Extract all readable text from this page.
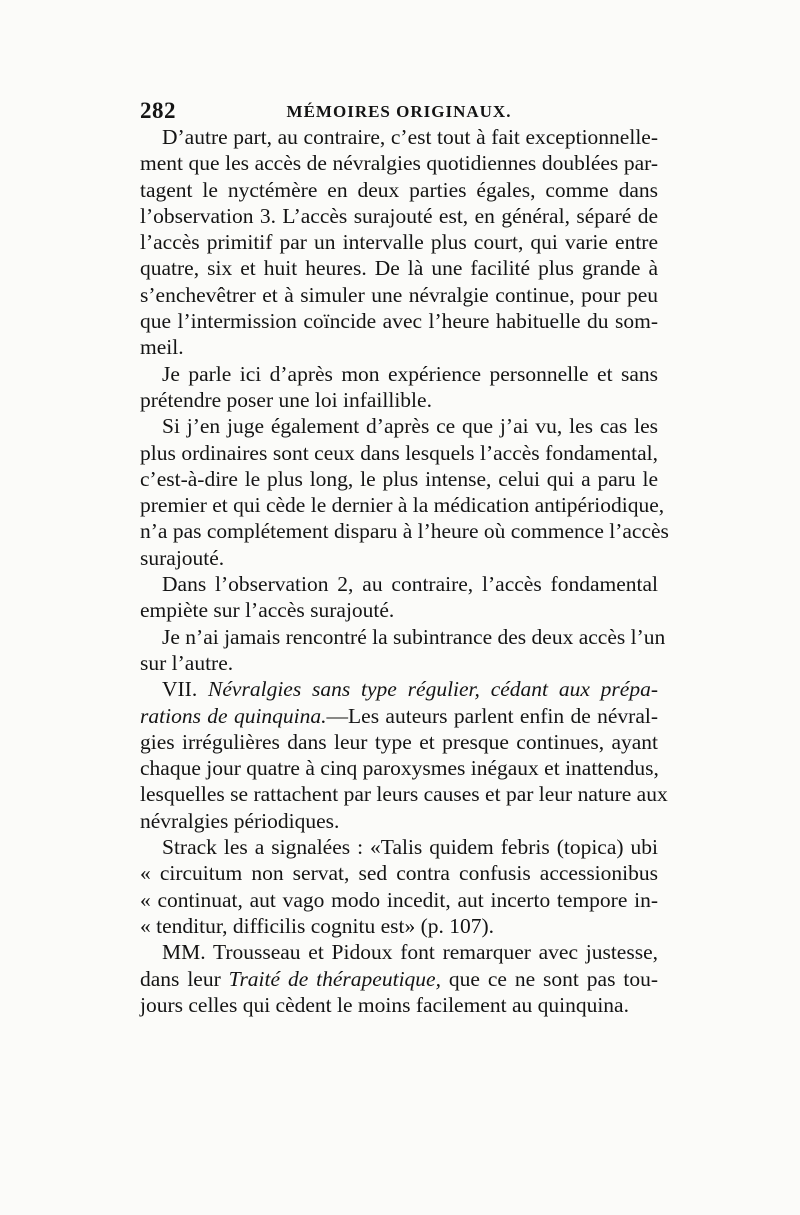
282	MÉMOIRES ORIGINAUX.
D’autre part, au contraire, c’est tout à fait exceptionnelle-
ment que les accès de névralgies quotidiennes doublées par-
tagent le nyctémère en deux parties égales, comme dans
l’observation 3. L’accès surajouté est, en général, séparé de
l’accès primitif par un intervalle plus court, qui varie entre
quatre, six et huit heures. De là une facilité plus grande à
s’enchevêtrer et à simuler une névralgie continue, pour peu
que l’intermission coïncide avec l’heure habituelle du som-
meil.
Je parle ici d’après mon expérience personnelle et sans
prétendre poser une loi infaillible.
Si j’en juge également d’après ce que j’ai vu, les cas les
plus ordinaires sont ceux dans lesquels l’accès fondamental,
c’est-à-dire le plus long, le plus intense, celui qui a paru le
premier et qui cède le dernier à la médication antipériodique,
n’a pas complétement disparu à l’heure où commence l’accès
surajouté.
Dans l’observation 2, au contraire, l’accès fondamental
empiète sur l’accès surajouté.
Je n’ai jamais rencontré la subintrance des deux accès l’un
sur l’autre.
VII. Névralgies sans type régulier, cédant aux prépa-
rations de quinquina.—Les auteurs parlent enfin de névral-
gies irrégulières dans leur type et presque continues, ayant
chaque jour quatre à cinq paroxysmes inégaux et inattendus,
lesquelles se rattachent par leurs causes et par leur nature aux
névralgies périodiques.
Strack les a signalées : «Talis quidem febris (topica) ubi
« circuitum non servat, sed contra confusis accessionibus
« continuat, aut vago modo incedit, aut incerto tempore in-
« tenditur, difficilis cognitu est» (p. 107).
MM. Trousseau et Pidoux font remarquer avec justesse,
dans leur Traité de thérapeutique, que ce ne sont pas tou-
jours celles qui cèdent le moins facilement au quinquina.
